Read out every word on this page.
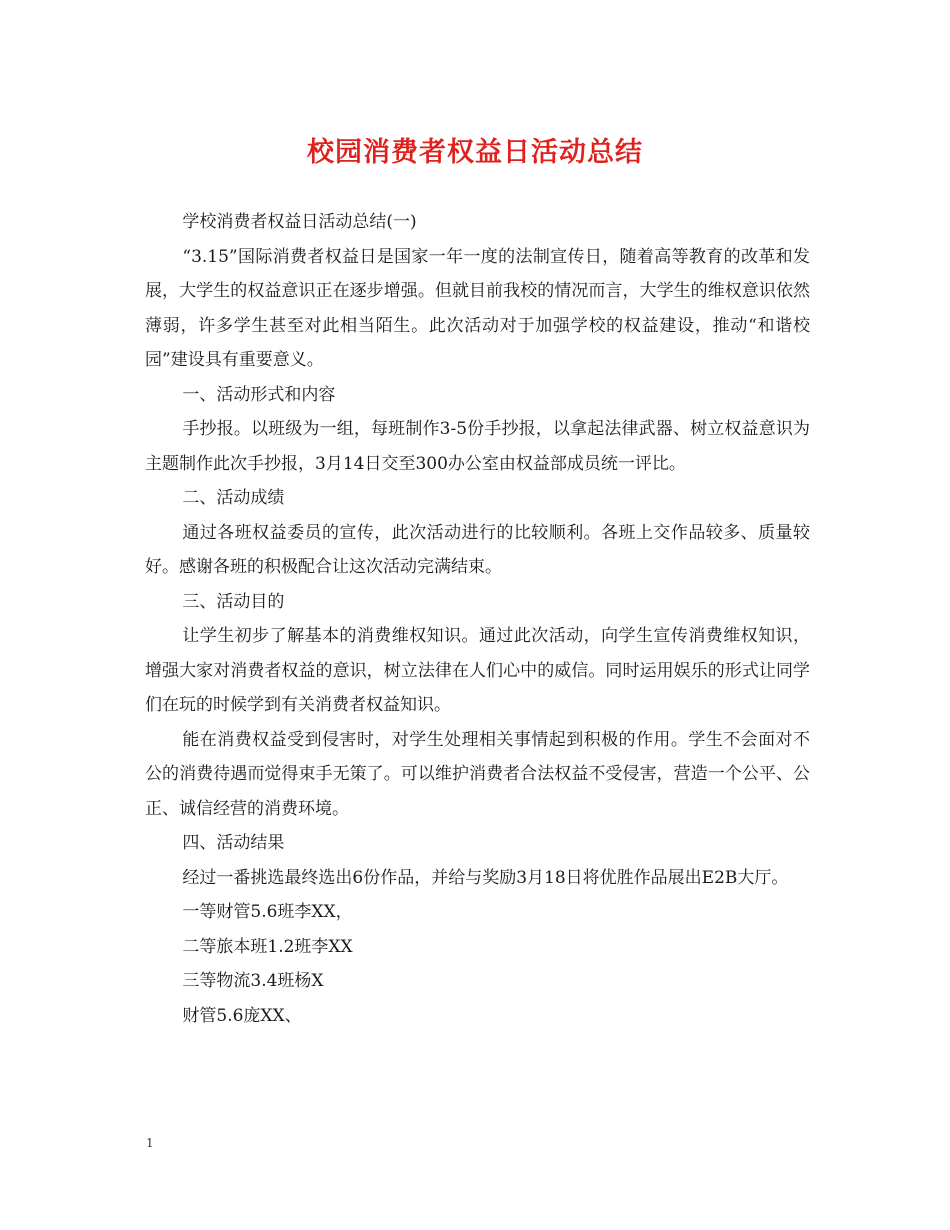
校园消费者权益日活动总结

学校消费者权益日活动总结(一)

“3.15”国际消费者权益日是国家一年一度的法制宣传日，随着高等教育的改革和发展，大学生的权益意识正在逐步增强。但就目前我校的情况而言，大学生的维权意识依然薄弱，许多学生甚至对此相当陌生。此次活动对于加强学校的权益建设，推动“和谐校园”建设具有重要意义。

一、活动形式和内容

手抄报。以班级为一组，每班制作3-5份手抄报，以拿起法律武器、树立权益意识为主题制作此次手抄报，3月14日交至300办公室由权益部成员统一评比。

二、活动成绩

通过各班权益委员的宣传，此次活动进行的比较顺利。各班上交作品较多、质量较好。感谢各班的积极配合让这次活动完满结束。

三、活动目的

让学生初步了解基本的消费维权知识。通过此次活动，向学生宣传消费维权知识，增强大家对消费者权益的意识，树立法律在人们心中的威信。同时运用娱乐的形式让同学们在玩的时候学到有关消费者权益知识。

能在消费权益受到侵害时，对学生处理相关事情起到积极的作用。学生不会面对不公的消费待遇而觉得束手无策了。可以维护消费者合法权益不受侵害，营造一个公平、公正、诚信经营的消费环境。

四、活动结果

经过一番挑选最终选出6份作品，并给与奖励3月18日将优胜作品展出E2B大厅。

一等财管5.6班李XX，

二等旅本班1.2班李XX

三等物流3.4班杨X

财管5.6庞XX、

1
